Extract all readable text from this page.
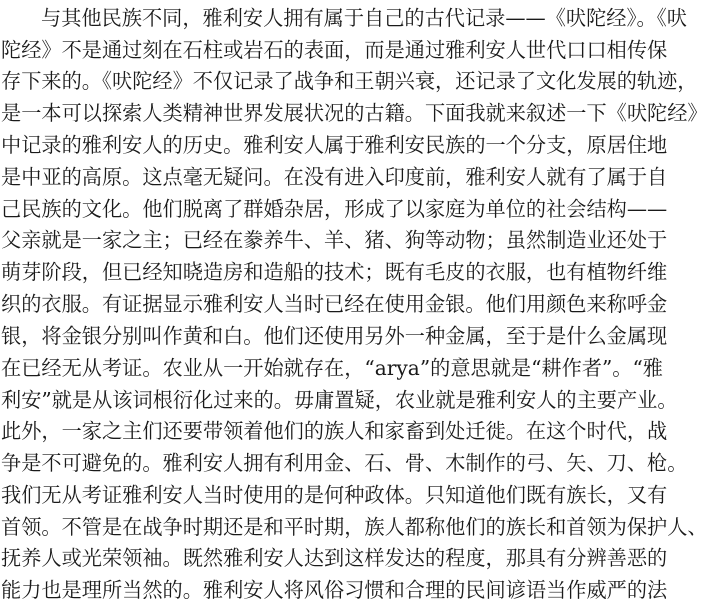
与其他民族不同，雅利安人拥有属于自己的古代记录——《吠陀经》。《吠
陀经》不是通过刻在石柱或岩石的表面，而是通过雅利安人世代口口相传保
存下来的。《吠陀经》不仅记录了战争和王朝兴衰，还记录了文化发展的轨迹，
是一本可以探索人类精神世界发展状况的古籍。下面我就来叙述一下《吠陀经》
中记录的雅利安人的历史。雅利安人属于雅利安民族的一个分支，原居住地
是中亚的高原。这点毫无疑问。在没有进入印度前，雅利安人就有了属于自
己民族的文化。他们脱离了群婚杂居，形成了以家庭为单位的社会结构——
父亲就是一家之主；已经在豢养牛、羊、猪、狗等动物；虽然制造业还处于
萌芽阶段，但已经知晓造房和造船的技术；既有毛皮的衣服，也有植物纤维
织的衣服。有证据显示雅利安人当时已经在使用金银。他们用颜色来称呼金
银，将金银分别叫作黄和白。他们还使用另外一种金属，至于是什么金属现
在已经无从考证。农业从一开始就存在，“arya”的意思就是“耕作者”。“雅
利安”就是从该词根衍化过来的。毋庸置疑，农业就是雅利安人的主要产业。
此外，一家之主们还要带领着他们的族人和家畜到处迁徙。在这个时代，战
争是不可避免的。雅利安人拥有利用金、石、骨、木制作的弓、矢、刀、枪。
我们无从考证雅利安人当时使用的是何种政体。只知道他们既有族长，又有
首领。不管是在战争时期还是和平时期，族人都称他们的族长和首领为保护人、
抚养人或光荣领袖。既然雅利安人达到这样发达的程度，那具有分辨善恶的
能力也是理所当然的。雅利安人将风俗习惯和合理的民间谚语当作威严的法
